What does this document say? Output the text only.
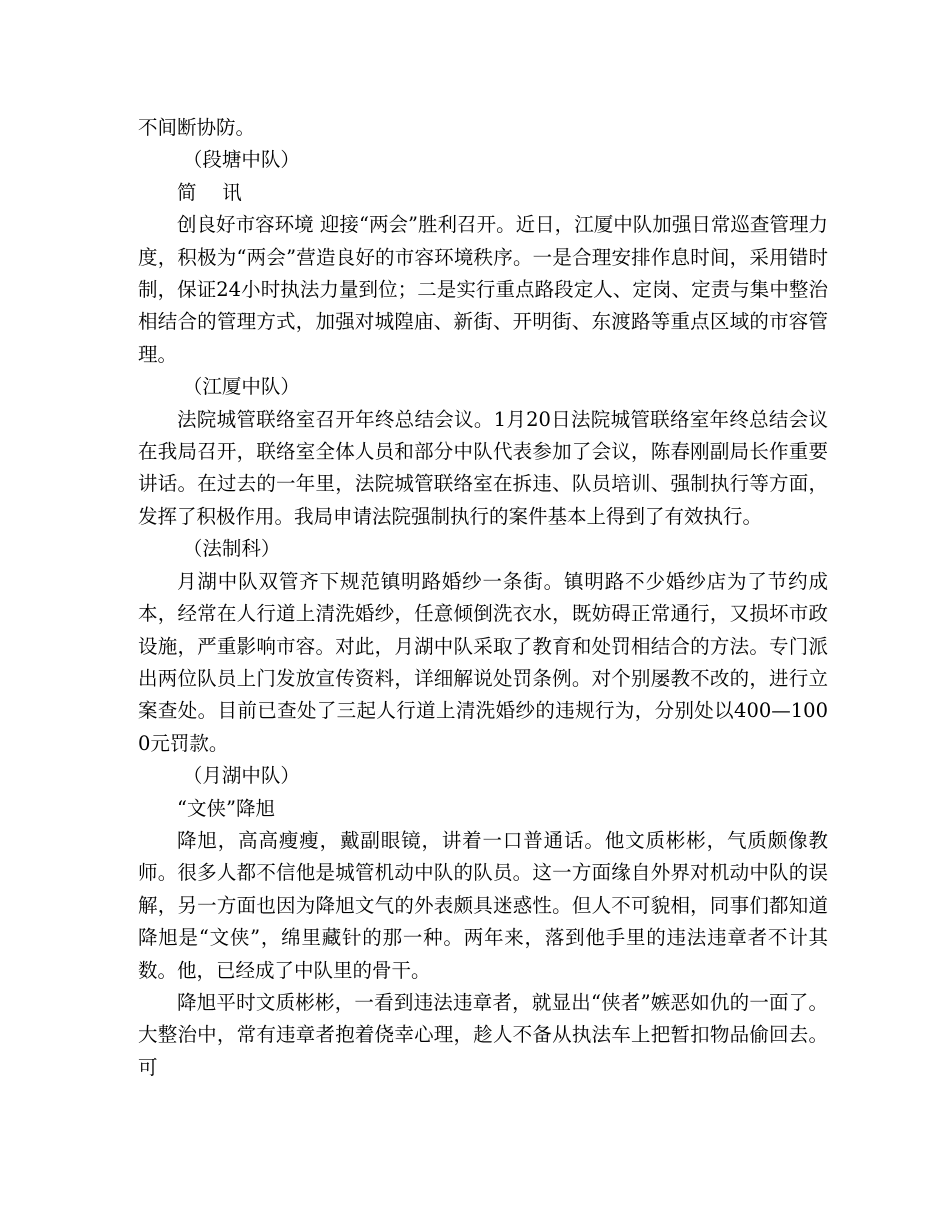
不间断协防。

（段塘中队）

简 讯

创良好市容环境 迎接“两会”胜利召开。近日，江厦中队加强日常巡查管理力度，积极为“两会”营造良好的市容环境秩序。一是合理安排作息时间，采用错时制，保证24小时执法力量到位；二是实行重点路段定人、定岗、定责与集中整治相结合的管理方式，加强对城隍庙、新街、开明街、东渡路等重点区域的市容管理。

（江厦中队）

法院城管联络室召开年终总结会议。1月20日法院城管联络室年终总结会议在我局召开，联络室全体人员和部分中队代表参加了会议，陈春刚副局长作重要讲话。在过去的一年里，法院城管联络室在拆违、队员培训、强制执行等方面，发挥了积极作用。我局申请法院强制执行的案件基本上得到了有效执行。

（法制科）

月湖中队双管齐下规范镇明路婚纱一条街。镇明路不少婚纱店为了节约成本，经常在人行道上清洗婚纱，任意倾倒洗衣水，既妨碍正常通行，又损坏市政设施，严重影响市容。对此，月湖中队采取了教育和处罚相结合的方法。专门派出两位队员上门发放宣传资料，详细解说处罚条例。对个别屡教不改的，进行立案查处。目前已查处了三起人行道上清洗婚纱的违规行为，分别处以400—1000元罚款。

（月湖中队）

“文侠”降旭

降旭，高高瘦瘦，戴副眼镜，讲着一口普通话。他文质彬彬，气质颇像教师。很多人都不信他是城管机动中队的队员。这一方面缘自外界对机动中队的误解，另一方面也因为降旭文气的外表颇具迷惑性。但人不可貌相，同事们都知道降旭是“文侠”，绵里藏针的那一种。两年来，落到他手里的违法违章者不计其数。他，已经成了中队里的骨干。

降旭平时文质彬彬，一看到违法违章者，就显出“侠者”嫉恶如仇的一面了。大整治中，常有违章者抱着侥幸心理，趁人不备从执法车上把暂扣物品偷回去。可
